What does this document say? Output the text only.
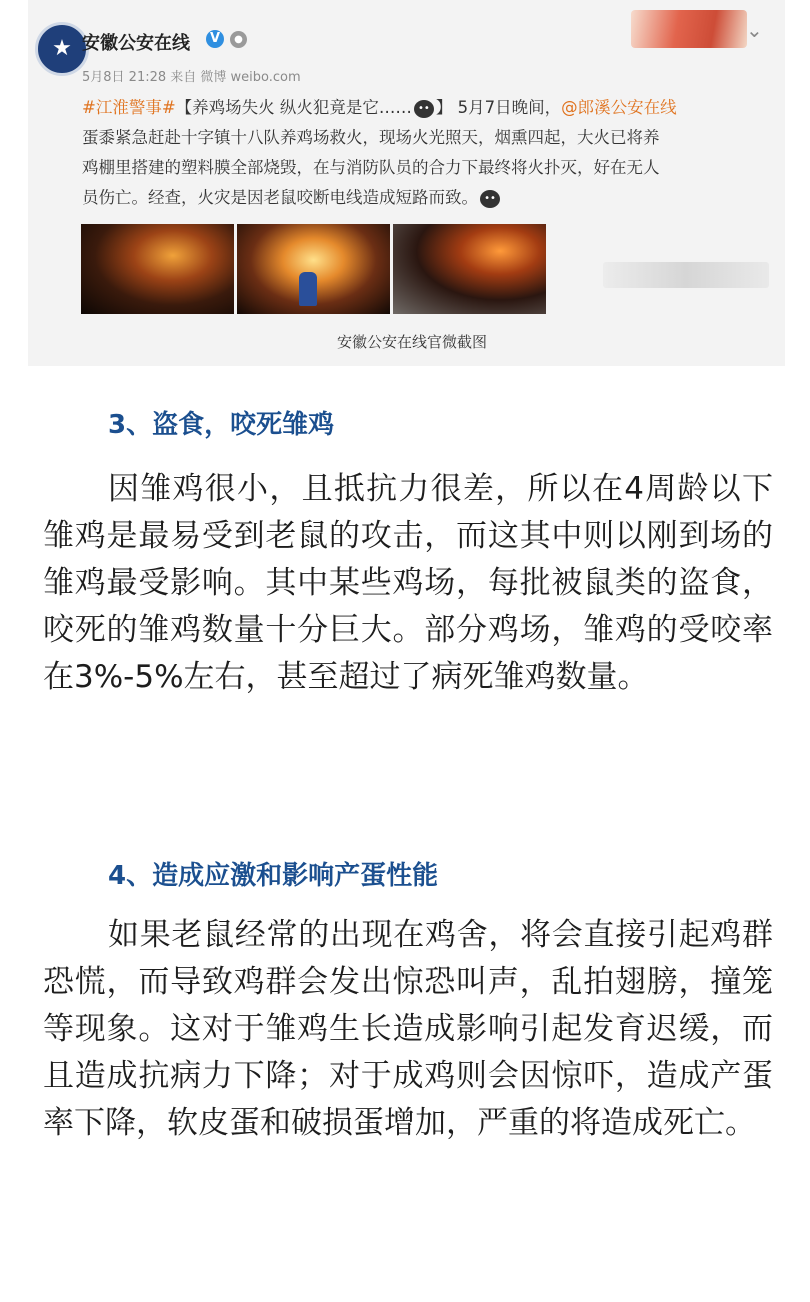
★ 安徽公安在线	V	●
5月8日 21:28 来自 微博 weibo.com
⌄
#江淮警事#【养鸡场失火 纵火犯竟是它…… •• 】 5月7日晚间，@郎溪公安在线
蛋黍紧急赶赴十字镇十八队养鸡场救火，现场火光照天，烟熏四起，大火已将养
鸡棚里搭建的塑料膜全部烧毁，在与消防队员的合力下最终将火扑灭，好在无人
员伤亡。经查，火灾是因老鼠咬断电线造成短路而致。 ••
安徽公安在线官微截图
3、盗食，咬死雏鸡
因雏鸡很小，且抵抗力很差，所以在4周龄以下雏鸡是最易受到老鼠的攻击，而这其中则以刚到场的雏鸡最受影响。其中某些鸡场，每批被鼠类的盗食，咬死的雏鸡数量十分巨大。部分鸡场，雏鸡的受咬率在3%-5%左右，甚至超过了病死雏鸡数量。
4、造成应激和影响产蛋性能
如果老鼠经常的出现在鸡舍，将会直接引起鸡群恐慌，而导致鸡群会发出惊恐叫声，乱拍翅膀，撞笼等现象。这对于雏鸡生长造成影响引起发育迟缓，而且造成抗病力下降；对于成鸡则会因惊吓，造成产蛋率下降，软皮蛋和破损蛋增加，严重的将造成死亡。
